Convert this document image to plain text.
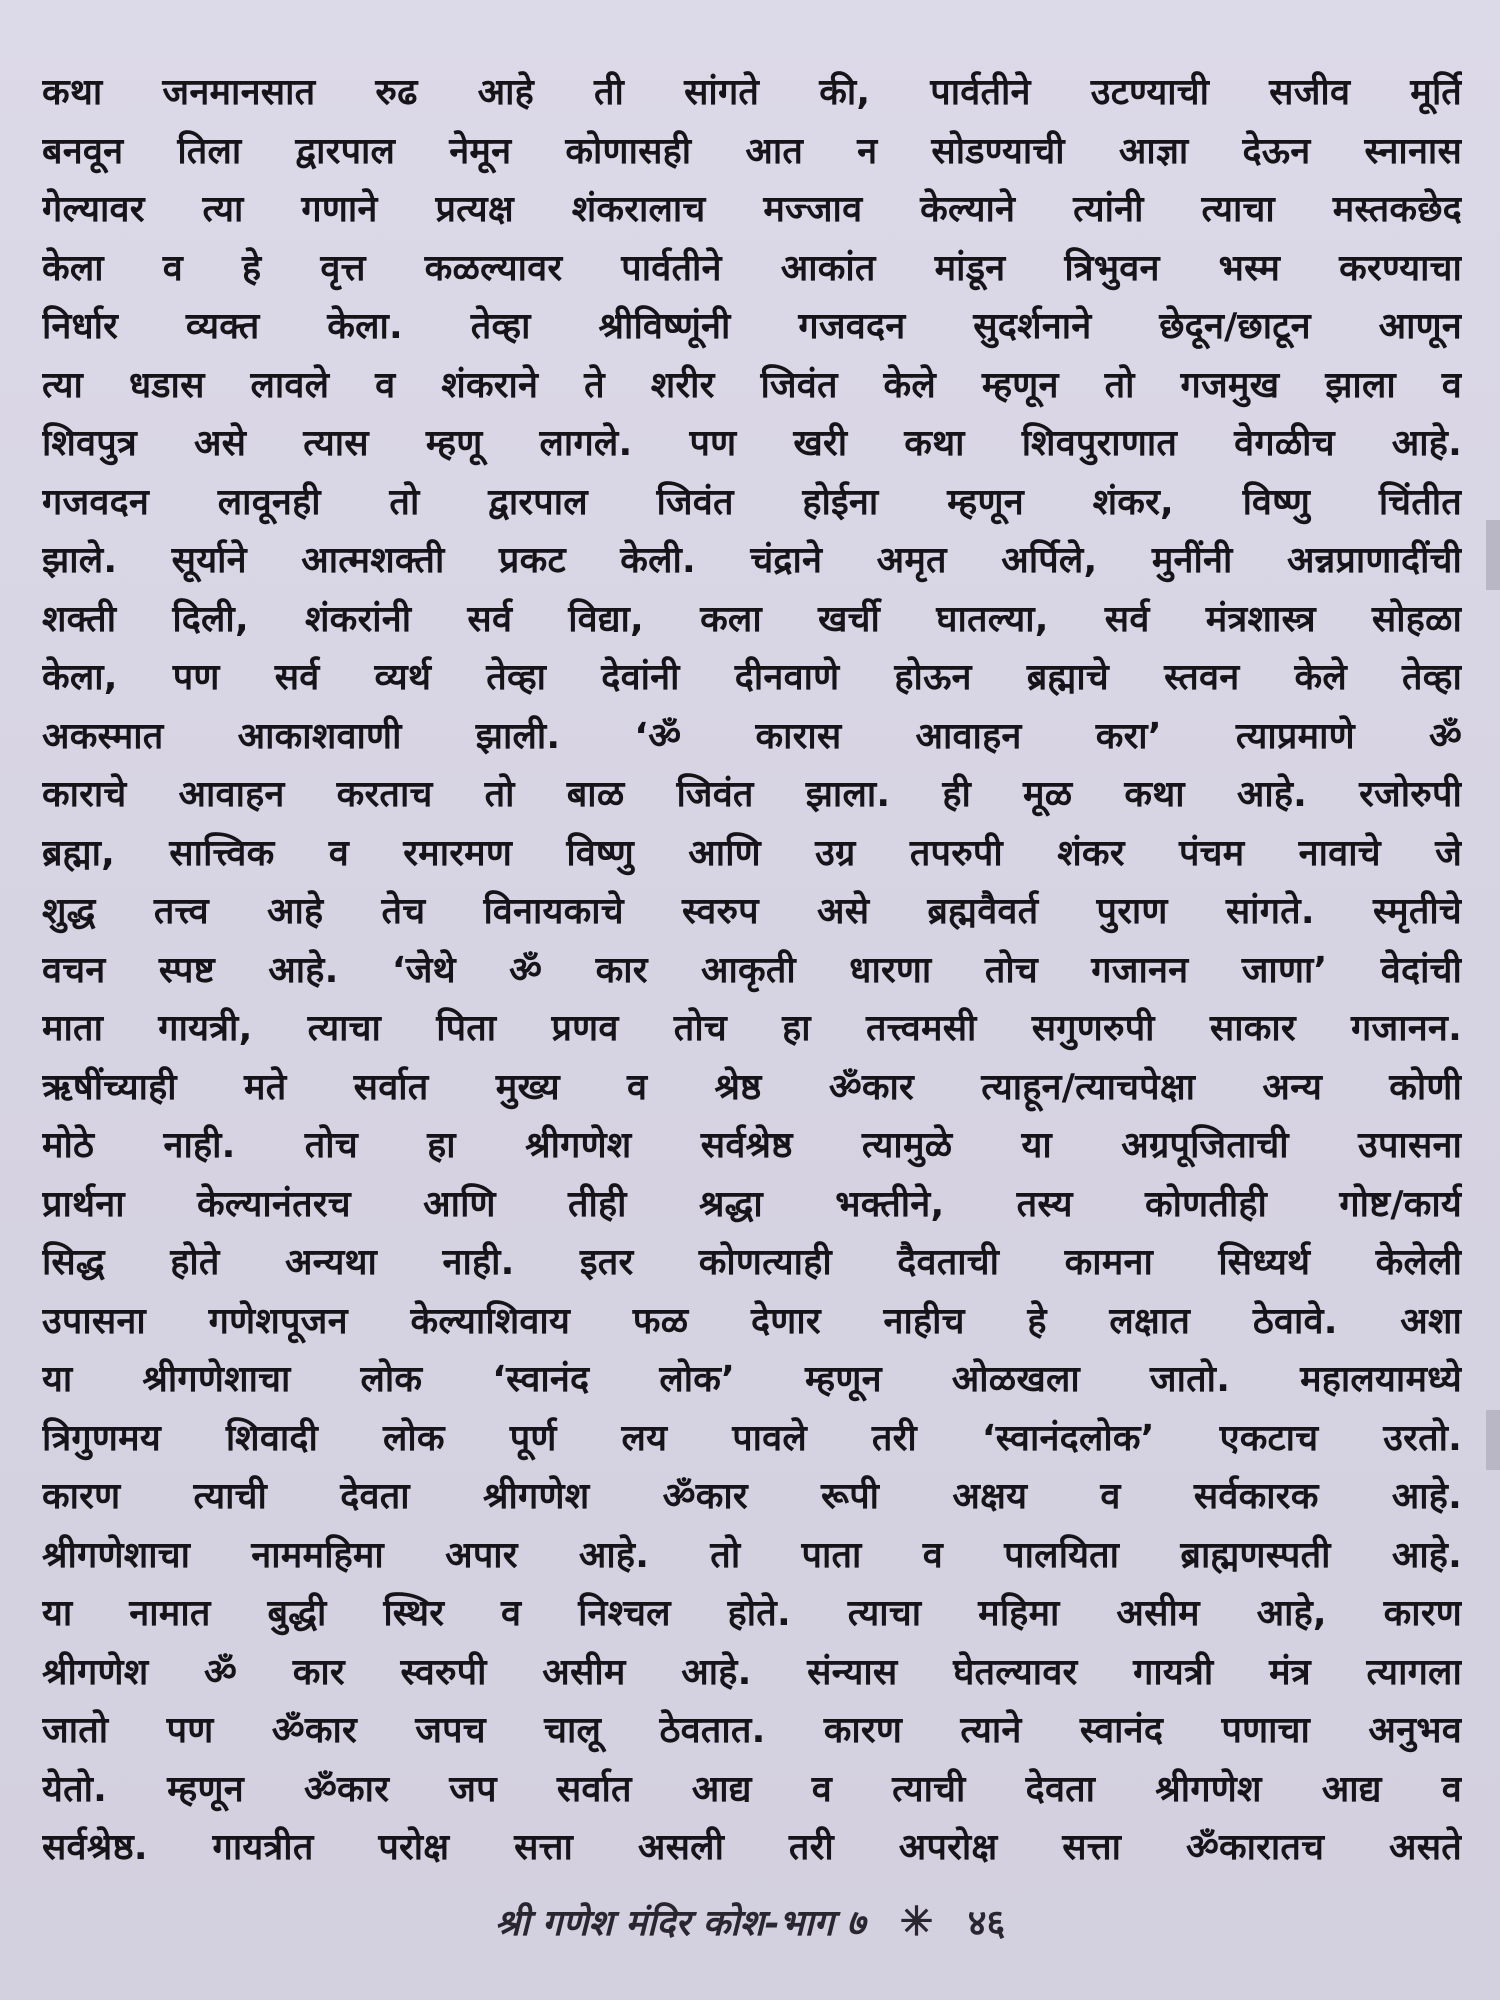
कथा जनमानसात रुढ आहे ती सांगते की, पार्वतीने उटण्याची सजीव मूर्ति
बनवून तिला द्वारपाल नेमून कोणासही आत न सोडण्याची आज्ञा देऊन स्नानास
गेल्यावर त्या गणाने प्रत्यक्ष शंकरालाच मज्जाव केल्याने त्यांनी त्याचा मस्तकछेद
केला व हे वृत्त कळल्यावर पार्वतीने आकांत मांडून त्रिभुवन भस्म करण्याचा
निर्धार व्यक्त केला. तेव्हा श्रीविष्णूंनी गजवदन सुदर्शनाने छेदून/छाटून आणून
त्या धडास लावले व शंकराने ते शरीर जिवंत केले म्हणून तो गजमुख झाला व
शिवपुत्र असे त्यास म्हणू लागले. पण खरी कथा शिवपुराणात वेगळीच आहे.
गजवदन लावूनही तो द्वारपाल जिवंत होईना म्हणून शंकर, विष्णु चिंतीत
झाले. सूर्याने आत्मशक्ती प्रकट केली. चंद्राने अमृत अर्पिले, मुनींनी अन्नप्राणादींची
शक्ती दिली, शंकरांनी सर्व विद्या, कला खर्ची घातल्या, सर्व मंत्रशास्त्र सोहळा
केला, पण सर्व व्यर्थ तेव्हा देवांनी दीनवाणे होऊन ब्रह्माचे स्तवन केले तेव्हा
अकस्मात आकाशवाणी झाली. ‘ॐ कारास आवाहन करा’ त्याप्रमाणे ॐ
काराचे आवाहन करताच तो बाळ जिवंत झाला. ही मूळ कथा आहे. रजोरुपी
ब्रह्मा, सात्त्विक व रमारमण विष्णु आणि उग्र तपरुपी शंकर पंचम नावाचे जे
शुद्ध तत्त्व आहे तेच विनायकाचे स्वरुप असे ब्रह्मवैवर्त पुराण सांगते. स्मृतीचे
वचन स्पष्ट आहे. ‘जेथे ॐ कार आकृती धारणा तोच गजानन जाणा’ वेदांची
माता गायत्री, त्याचा पिता प्रणव तोच हा तत्त्वमसी सगुणरुपी साकार गजानन.
ऋषींच्याही मते सर्वात मुख्य व श्रेष्ठ ॐकार त्याहून/त्याचपेक्षा अन्य कोणी
मोठे नाही. तोच हा श्रीगणेश सर्वश्रेष्ठ त्यामुळे या अग्रपूजिताची उपासना
प्रार्थना केल्यानंतरच आणि तीही श्रद्धा भक्तीने, तस्य कोणतीही गोष्ट/कार्य
सिद्ध होते अन्यथा नाही. इतर कोणत्याही दैवताची कामना सिध्यर्थ केलेली
उपासना गणेशपूजन केल्याशिवाय फळ देणार नाहीच हे लक्षात ठेवावे. अशा
या श्रीगणेशाचा लोक ‘स्वानंद लोक’ म्हणून ओळखला जातो. महालयामध्ये
त्रिगुणमय शिवादी लोक पूर्ण लय पावले तरी ‘स्वानंदलोक’ एकटाच उरतो.
कारण त्याची देवता श्रीगणेश ॐकार रूपी अक्षय व सर्वकारक आहे.
श्रीगणेशाचा नाममहिमा अपार आहे. तो पाता व पालयिता ब्राह्मणस्पती आहे.
या नामात बुद्धी स्थिर व निश्चल होते. त्याचा महिमा असीम आहे, कारण
श्रीगणेश ॐ कार स्वरुपी असीम आहे. संन्यास घेतल्यावर गायत्री मंत्र त्यागला
जातो पण ॐकार जपच चालू ठेवतात. कारण त्याने स्वानंद पणाचा अनुभव
येतो. म्हणून ॐकार जप सर्वात आद्य व त्याची देवता श्रीगणेश आद्य व
सर्वश्रेष्ठ. गायत्रीत परोक्ष सत्ता असली तरी अपरोक्ष सत्ता ॐकारातच असते
श्री गणेश मंदिर कोश-भाग ७ ✳ ४६
